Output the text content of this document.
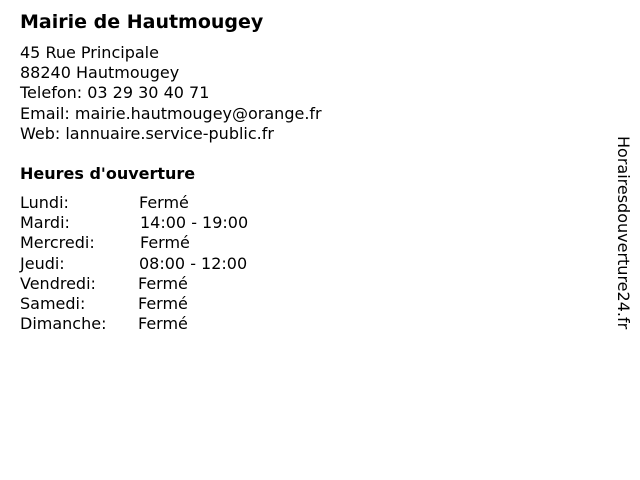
Mairie de Hautmougey
45 Rue Principale
88240 Hautmougey
Telefon: 03 29 30 40 71
Email: mairie.hautmougey@orange.fr
Web: lannuaire.service-public.fr
Heures d'ouverture
Lundi:	Fermé
Mardi:	14:00 - 19:00
Mercredi:	Fermé
Jeudi:	08:00 - 12:00
Vendredi:	Fermé
Samedi:	Fermé
Dimanche: Fermé	Horairesdouverture24.fr
